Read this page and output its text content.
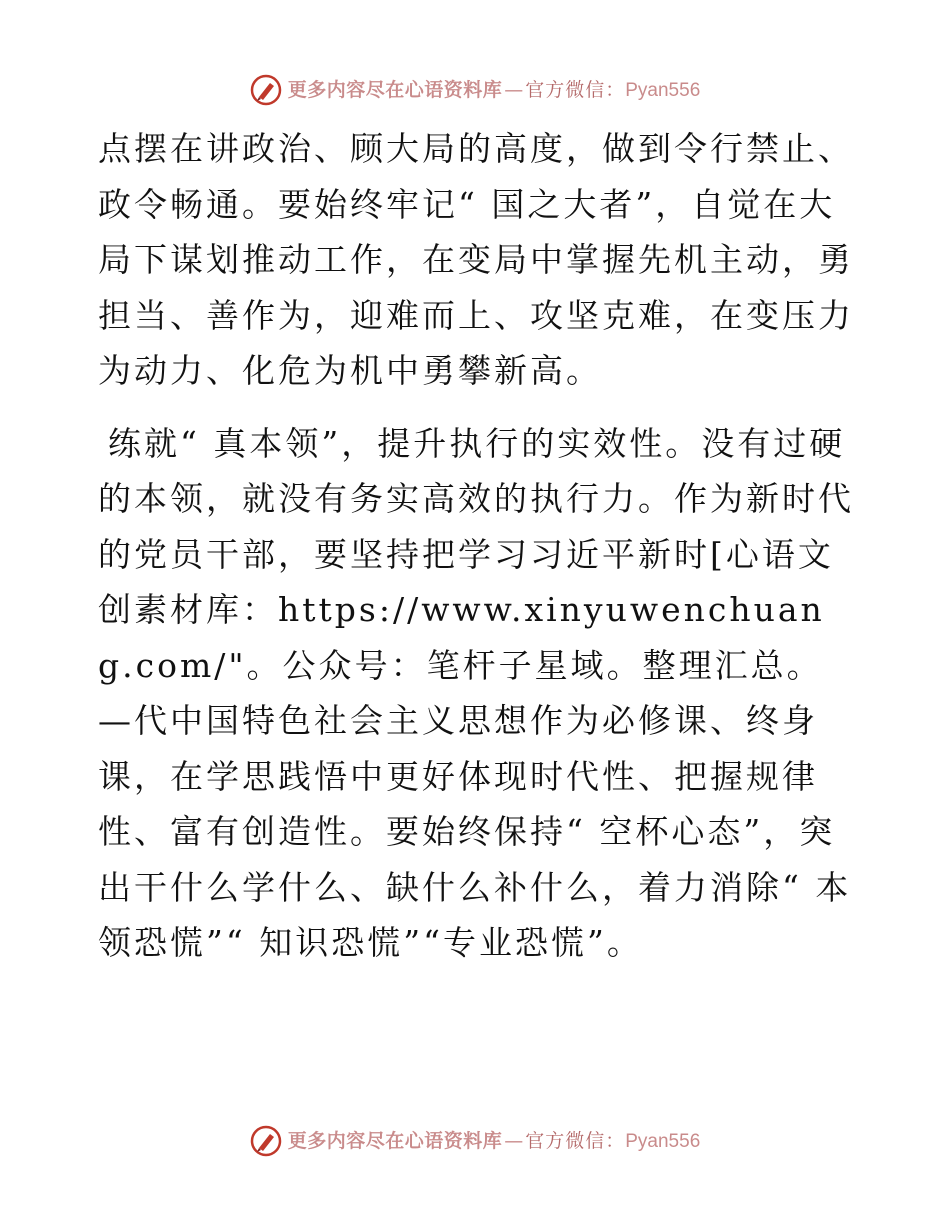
更多内容尽在心语资料库 — 官方微信： Pyan556

点摆在讲政治、顾大局的高度，做到令行禁止、政令畅通。要始终牢记“ 国之大者”，自觉在大局下谋划推动工作，在变局中掌握先机主动，勇担当、善作为，迎难而上、攻坚克难，在变压力为动力、化危为机中勇攀新高。

练就“ 真本领”，提升执行的实效性。没有过硬的本领，就没有务实高效的执行力。作为新时代的党员干部，要坚持把学习习近平新时[心语文创素材库：https://www.xinyuwenchuang.com/"。公众号：笔杆子星域。整理汇总。—代中国特色社会主义思想作为必修课、终身课，在学思践悟中更好体现时代性、把握规律性、富有创造性。要始终保持“ 空杯心态”，突出干什么学什么、缺什么补什么，着力消除“ 本领恐慌”“ 知识恐慌”“专业恐慌”。

更多内容尽在心语资料库 — 官方微信： Pyan556
